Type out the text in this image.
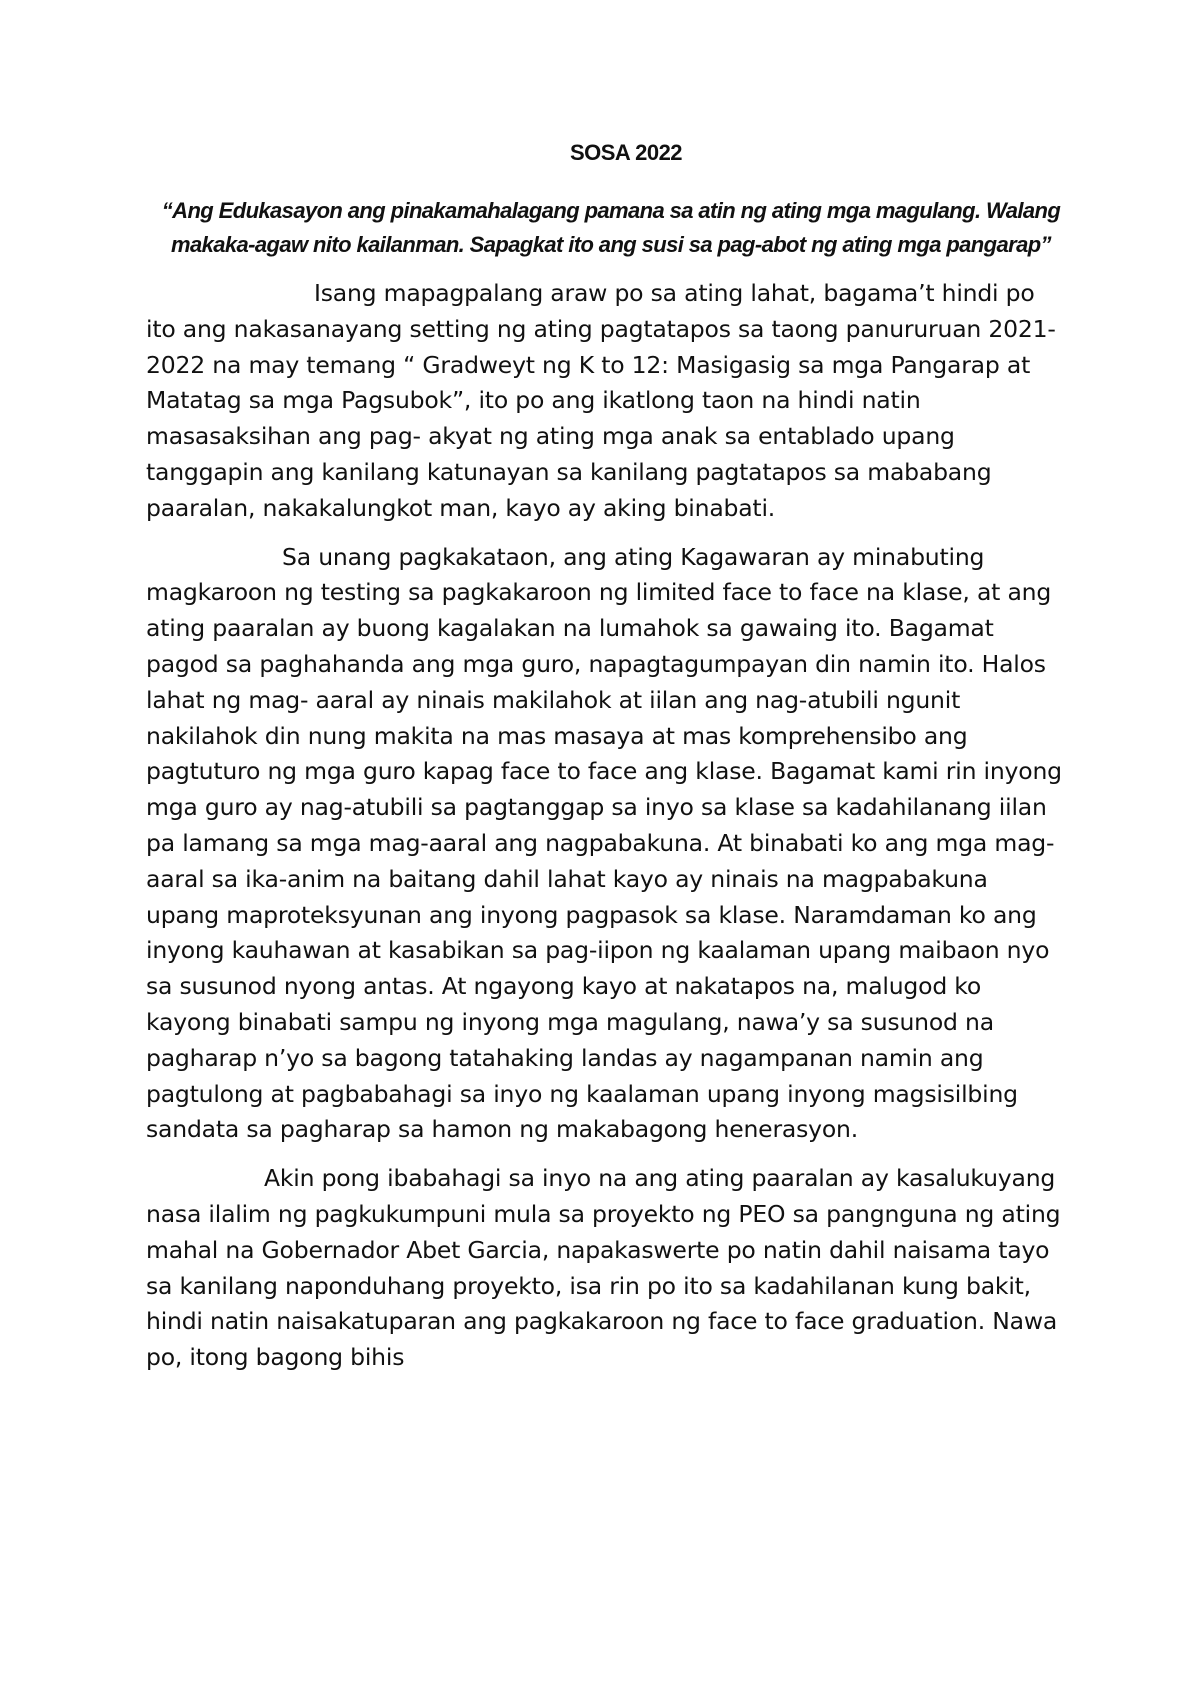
SOSA 2022
“Ang Edukasayon ang pinakamahalagang pamana sa atin ng ating mga magulang. Walang makaka-agaw nito kailanman. Sapagkat ito ang susi sa pag-abot ng ating mga pangarap”

Isang mapagpalang araw po sa ating lahat, bagama’t hindi po ito ang nakasanayang setting ng ating pagtatapos sa taong panururuan 2021-2022 na may temang “ Gradweyt ng K to 12: Masigasig sa mga Pangarap at Matatag sa mga Pagsubok”, ito po ang ikatlong taon na hindi natin masasaksihan ang pag- akyat ng ating mga anak sa entablado upang tanggapin ang kanilang katunayan sa kanilang pagtatapos sa mababang paaralan, nakakalungkot man, kayo ay aking binabati.

Sa unang pagkakataon, ang ating Kagawaran ay minabuting magkaroon ng testing sa pagkakaroon ng limited face to face na klase, at ang ating paaralan ay buong kagalakan na lumahok sa gawaing ito. Bagamat pagod sa paghahanda ang mga guro, napagtagumpayan din namin ito. Halos lahat ng mag- aaral ay ninais makilahok at iilan ang nag-atubili ngunit nakilahok din nung makita na mas masaya at mas komprehensibo ang pagtuturo ng mga guro kapag face to face ang klase. Bagamat kami rin inyong mga guro ay nag-atubili sa pagtanggap sa inyo sa klase sa kadahilanang iilan pa lamang sa mga mag-aaral ang nagpabakuna. At binabati ko ang mga mag-aaral sa ika-anim na baitang dahil lahat kayo ay ninais na magpabakuna upang maproteksyunan ang inyong pagpasok sa klase. Naramdaman ko ang inyong kauhawan at kasabikan sa pag-iipon ng kaalaman upang maibaon nyo sa susunod nyong antas. At ngayong kayo at nakatapos na, malugod ko kayong binabati sampu ng inyong mga magulang, nawa’y sa susunod na pagharap n’yo sa bagong tatahaking landas ay nagampanan namin ang pagtulong at pagbabahagi sa inyo ng kaalaman upang inyong magsisilbing sandata sa pagharap sa hamon ng makabagong henerasyon.

Akin pong ibabahagi sa inyo na ang ating paaralan ay kasalukuyang nasa ilalim ng pagkukumpuni mula sa proyekto ng PEO sa pangnguna ng ating mahal na Gobernador Abet Garcia, napakaswerte po natin dahil naisama tayo sa kanilang naponduhang proyekto, isa rin po ito sa kadahilanan kung bakit, hindi natin naisakatuparan ang pagkakaroon ng face to face graduation. Nawa po, itong bagong bihis
